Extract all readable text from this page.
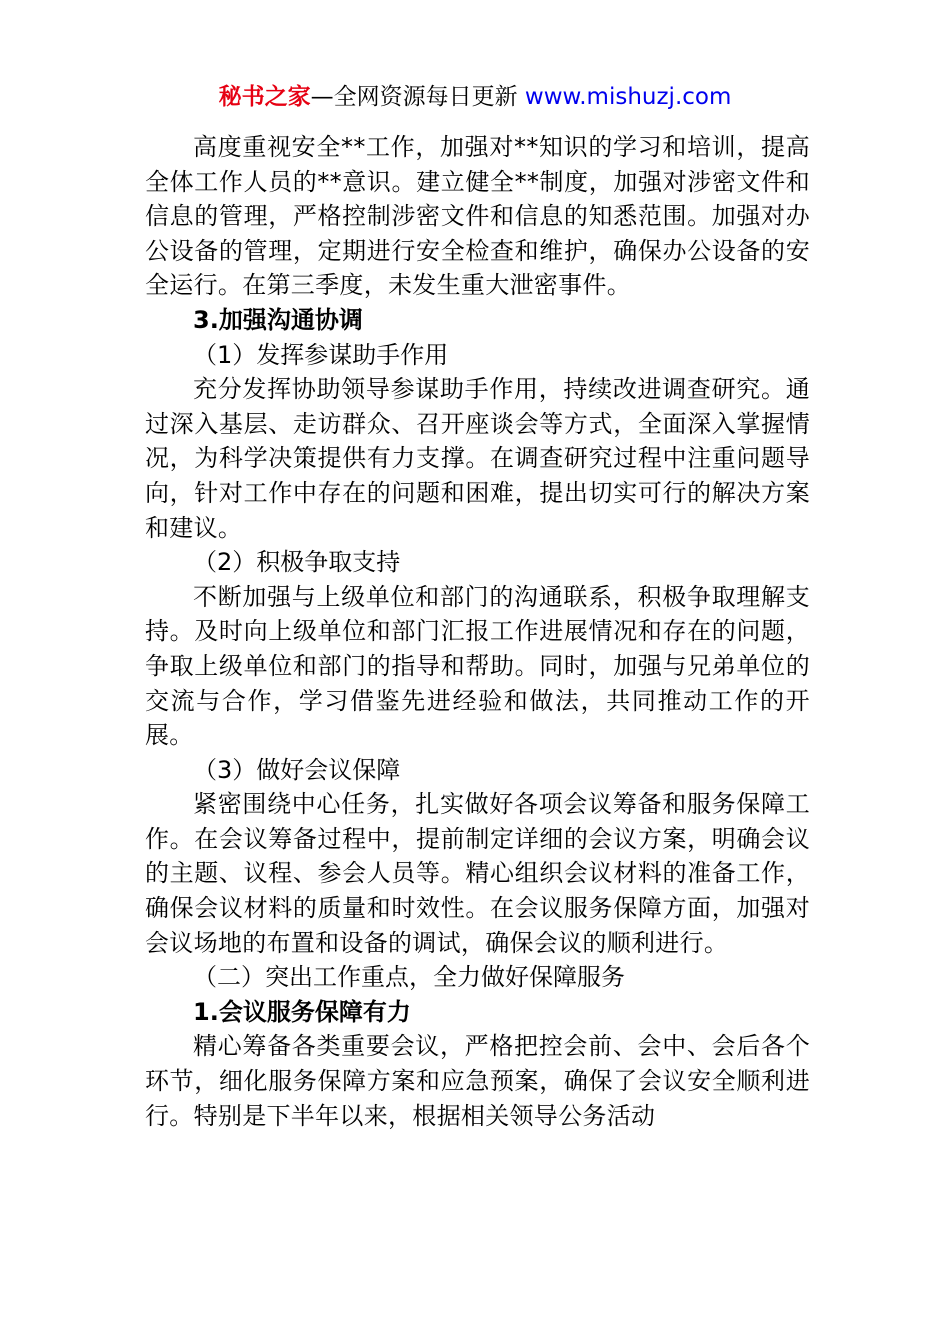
秘书之家—全网资源每日更新 www.mishuzj.com

高度重视安全**工作，加强对**知识的学习和培训，提高全体工作人员的**意识。建立健全**制度，加强对涉密文件和信息的管理，严格控制涉密文件和信息的知悉范围。加强对办公设备的管理，定期进行安全检查和维护，确保办公设备的安全运行。在第三季度，未发生重大泄密事件。

3.加强沟通协调

（1）发挥参谋助手作用

充分发挥协助领导参谋助手作用，持续改进调查研究。通过深入基层、走访群众、召开座谈会等方式，全面深入掌握情况，为科学决策提供有力支撑。在调查研究过程中注重问题导向，针对工作中存在的问题和困难，提出切实可行的解决方案和建议。

（2）积极争取支持

不断加强与上级单位和部门的沟通联系，积极争取理解支持。及时向上级单位和部门汇报工作进展情况和存在的问题，争取上级单位和部门的指导和帮助。同时，加强与兄弟单位的交流与合作，学习借鉴先进经验和做法，共同推动工作的开展。

（3）做好会议保障

紧密围绕中心任务，扎实做好各项会议筹备和服务保障工作。在会议筹备过程中，提前制定详细的会议方案，明确会议的主题、议程、参会人员等。精心组织会议材料的准备工作，确保会议材料的质量和时效性。在会议服务保障方面，加强对会议场地的布置和设备的调试，确保会议的顺利进行。

（二）突出工作重点，全力做好保障服务

1.会议服务保障有力

精心筹备各类重要会议，严格把控会前、会中、会后各个环节，细化服务保障方案和应急预案，确保了会议安全顺利进行。特别是下半年以来，根据相关领导公务活动
